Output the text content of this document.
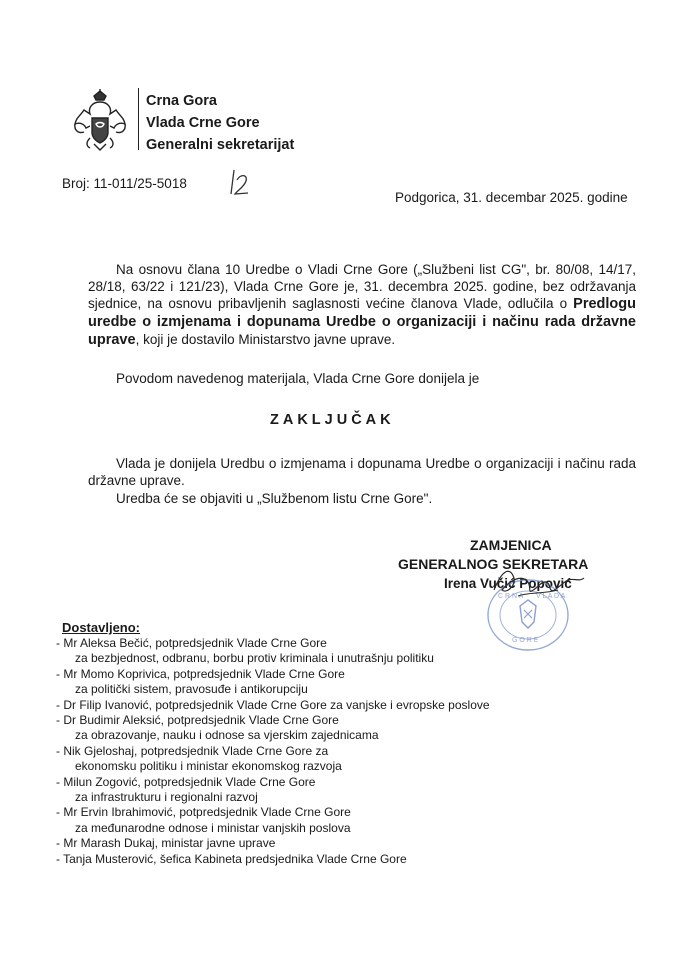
Crna Gora
Vlada Crne Gore
Generalni sekretarijat
Broj: 11-011/25-5018
Podgorica, 31. decembar 2025. godine
Na osnovu člana 10 Uredbe o Vladi Crne Gore („Službeni list CG", br. 80/08, 14/17, 28/18, 63/22 i 121/23), Vlada Crne Gore je, 31. decembra 2025. godine, bez održavanja sjednice, na osnovu pribavljenih saglasnosti većine članova Vlade, odlučila o Predlogu uredbe o izmjenama i dopunama Uredbe o organizaciji i načinu rada državne uprave, koji je dostavilo Ministarstvo javne uprave.
Povodom navedenog materijala, Vlada Crne Gore donijela je
ZAKLJUČAK
Vlada je donijela Uredbu o izmjenama i dopunama Uredbe o organizaciji i načinu rada državne uprave.
Uredba će se objaviti u „Službenom listu Crne Gore".
ZAMJENICA
GENERALNOG SEKRETARA
Irena Vučić Popović
C R N A V L A D A
G O R E
Dostavljeno:
- Mr Aleksa Bečić, potpredsjednik Vlade Crne Gore
za bezbjednost, odbranu, borbu protiv kriminala i unutrašnju politiku
- Mr Momo Koprivica, potpredsjednik Vlade Crne Gore
za politički sistem, pravosuđe i antikorupciju
- Dr Filip Ivanović, potpredsjednik Vlade Crne Gore za vanjske i evropske poslove
- Dr Budimir Aleksić, potpredsjednik Vlade Crne Gore
za obrazovanje, nauku i odnose sa vjerskim zajednicama
- Nik Gjeloshaj, potpredsjednik Vlade Crne Gore za
ekonomsku politiku i ministar ekonomskog razvoja
- Milun Zogović, potpredsjednik Vlade Crne Gore
za infrastrukturu i regionalni razvoj
- Mr Ervin Ibrahimović, potpredsjednik Vlade Crne Gore
za međunarodne odnose i ministar vanjskih poslova
- Mr Marash Dukaj, ministar javne uprave
- Tanja Musterović, šefica Kabineta predsjednika Vlade Crne Gore
